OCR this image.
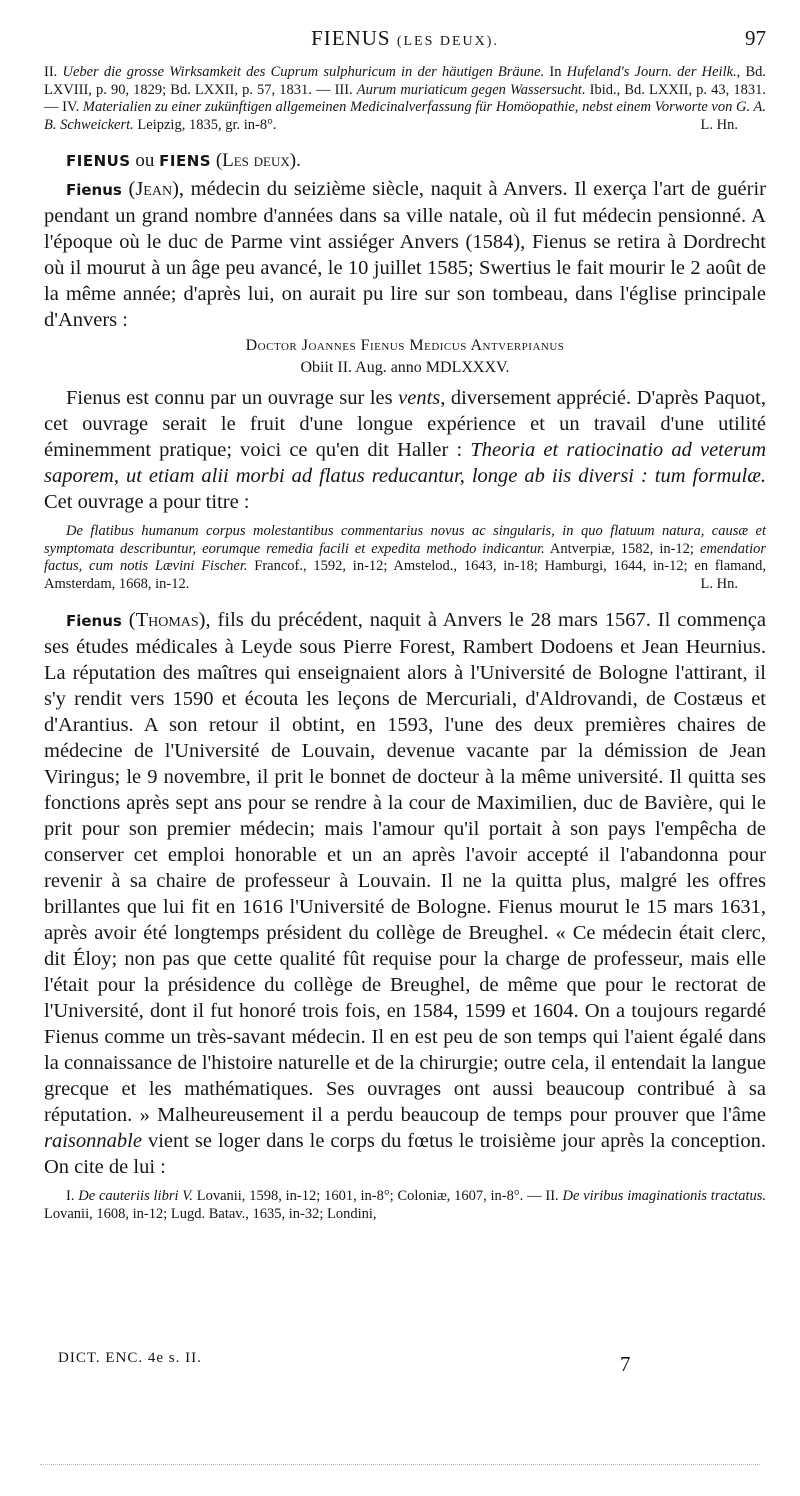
FIENUS (LES DEUX).	97

II. Ueber die grosse Wirksamkeit des Cuprum sulphuricum in der häutigen Bräune. In Hufeland's Journ. der Heilk., Bd. LXVIII, p. 90, 1829; Bd. LXXII, p. 57, 1831. — III. Aurum muriaticum gegen Wassersucht. Ibid., Bd. LXXII, p. 43, 1831. — IV. Materialien zu einer zukünftigen allgemeinen Medicinalverfassung für Homöopathie, nebst einem Vorworte von G. A. B. Schweickert. Leipzig, 1835, gr. in-8°.	L. Hn.

FIENUS ou FIENS (Les deux).

Fienus (Jean), médecin du seizième siècle, naquit à Anvers. Il exerça l'art de guérir pendant un grand nombre d'années dans sa ville natale, où il fut médecin pensionné. A l'époque où le duc de Parme vint assiéger Anvers (1584), Fienus se retira à Dordrecht où il mourut à un âge peu avancé, le 10 juillet 1585; Swertius le fait mourir le 2 août de la même année; d'après lui, on aurait pu lire sur son tombeau, dans l'église principale d'Anvers :

Doctor Joannes Fienus Medicus Antverpianus
Obiit II. Aug. anno MDLXXXV.

Fienus est connu par un ouvrage sur les vents, diversement apprécié. D'après Paquot, cet ouvrage serait le fruit d'une longue expérience et un travail d'une utilité éminemment pratique; voici ce qu'en dit Haller : Theoria et ratiocinatio ad veterum saporem, ut etiam alii morbi ad flatus reducantur, longe ab iis diversi : tum formulæ. Cet ouvrage a pour titre :

De flatibus humanum corpus molestantibus commentarius novus ac singularis, in quo flatuum natura, causæ et symptomata describuntur, eorumque remedia facili et expedita methodo indicantur. Antverpiæ, 1582, in-12; emendatior factus, cum notis Lævini Fischer. Francof., 1592, in-12; Amstelod., 1643, in-18; Hamburgi, 1644, in-12; en flamand, Amsterdam, 1668, in-12.	L. Hn.

Fienus (Thomas), fils du précédent, naquit à Anvers le 28 mars 1567. Il commença ses études médicales à Leyde sous Pierre Forest, Rambert Dodoens et Jean Heurnius. La réputation des maîtres qui enseignaient alors à l'Université de Bologne l'attirant, il s'y rendit vers 1590 et écouta les leçons de Mercuriali, d'Aldrovandi, de Costæus et d'Arantius. A son retour il obtint, en 1593, l'une des deux premières chaires de médecine de l'Université de Louvain, devenue vacante par la démission de Jean Viringus; le 9 novembre, il prit le bonnet de docteur à la même université. Il quitta ses fonctions après sept ans pour se rendre à la cour de Maximilien, duc de Bavière, qui le prit pour son premier médecin; mais l'amour qu'il portait à son pays l'empêcha de conserver cet emploi honorable et un an après l'avoir accepté il l'abandonna pour revenir à sa chaire de professeur à Louvain. Il ne la quitta plus, malgré les offres brillantes que lui fit en 1616 l'Université de Bologne. Fienus mourut le 15 mars 1631, après avoir été longtemps président du collège de Breughel. « Ce médecin était clerc, dit Éloy; non pas que cette qualité fût requise pour la charge de professeur, mais elle l'était pour la présidence du collège de Breughel, de même que pour le rectorat de l'Université, dont il fut honoré trois fois, en 1584, 1599 et 1604. On a toujours regardé Fienus comme un très-savant médecin. Il en est peu de son temps qui l'aient égalé dans la connaissance de l'histoire naturelle et de la chirurgie; outre cela, il entendait la langue grecque et les mathématiques. Ses ouvrages ont aussi beaucoup contribué à sa réputation. » Malheureusement il a perdu beaucoup de temps pour prouver que l'âme raisonnable vient se loger dans le corps du fœtus le troisième jour après la conception. On cite de lui :

I. De cauteriis libri V. Lovanii, 1598, in-12; 1601, in-8°; Coloniæ, 1607, in-8°. — II. De viribus imaginationis tractatus. Lovanii, 1608, in-12; Lugd. Batav., 1635, in-32; Londini,

DICT. ENC. 4e s. II.	7
